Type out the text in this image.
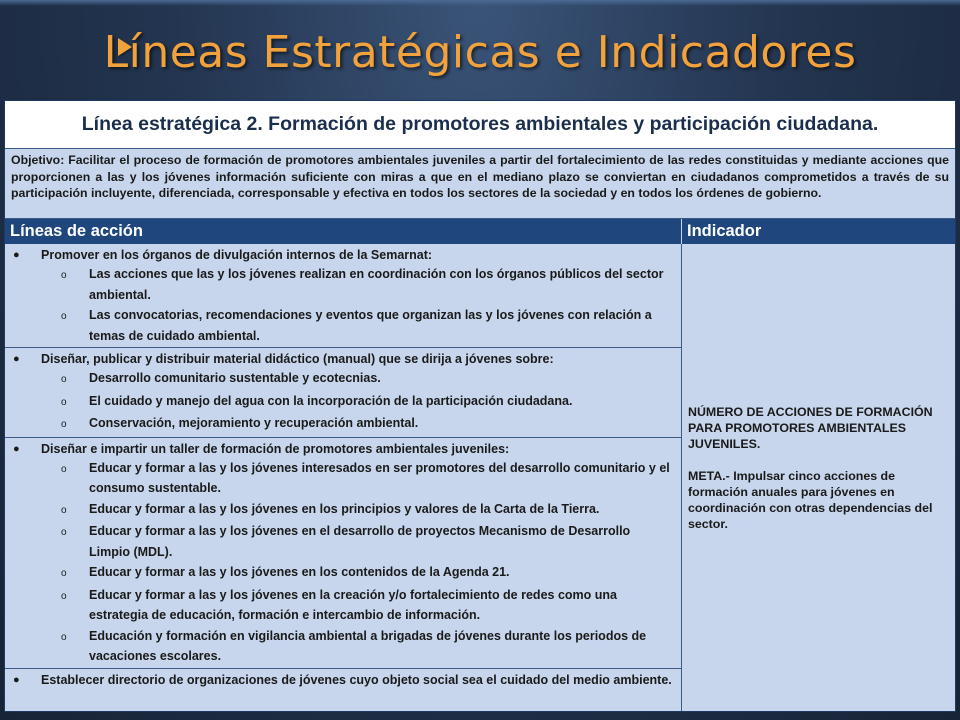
Líneas Estratégicas e Indicadores
Línea estratégica 2. Formación de promotores ambientales y participación ciudadana.
Objetivo: Facilitar el proceso de formación de promotores ambientales juveniles a partir del fortalecimiento de las redes constituidas y mediante acciones que proporcionen a las y los jóvenes información suficiente con miras a que en el mediano plazo se conviertan en ciudadanos comprometidos a través de su participación incluyente, diferenciada, corresponsable y efectiva en todos los sectores de la sociedad y en todos los órdenes de gobierno.
Líneas de acción	Indicador
●	Promover en los órganos de divulgación internos de la Semarnat:
o	Las acciones que las y los jóvenes realizan en coordinación con los órganos públicos del sector ambiental.
o	Las convocatorias, recomendaciones y eventos que organizan las y los jóvenes con relación a temas de cuidado ambiental.
●	Diseñar, publicar y distribuir material didáctico (manual) que se dirija a jóvenes sobre:
o	Desarrollo comunitario sustentable y ecotecnias.
o	El cuidado y manejo del agua con la incorporación de la participación ciudadana.
o	Conservación, mejoramiento y recuperación ambiental.
●	Diseñar e impartir un taller de formación de promotores ambientales juveniles:
o	Educar y formar a las y los jóvenes interesados en ser promotores del desarrollo comunitario y el consumo sustentable.
o	Educar y formar a las y los jóvenes en los principios y valores de la Carta de la Tierra.
o	Educar y formar a las y los jóvenes en el desarrollo de proyectos Mecanismo de Desarrollo Limpio (MDL).
o	Educar y formar a las y los jóvenes en los contenidos de la Agenda 21.
o	Educar y formar a las y los jóvenes en la creación y/o fortalecimiento de redes como una estrategia de educación, formación e intercambio de información.
o	Educación y formación en vigilancia ambiental a brigadas de jóvenes durante los periodos de vacaciones escolares.
●	Establecer directorio de organizaciones de jóvenes cuyo objeto social sea el cuidado del medio ambiente.
NÚMERO DE ACCIONES DE FORMACIÓN PARA PROMOTORES AMBIENTALES JUVENILES.
META.- Impulsar cinco acciones de formación anuales para jóvenes en coordinación con otras dependencias del sector.
